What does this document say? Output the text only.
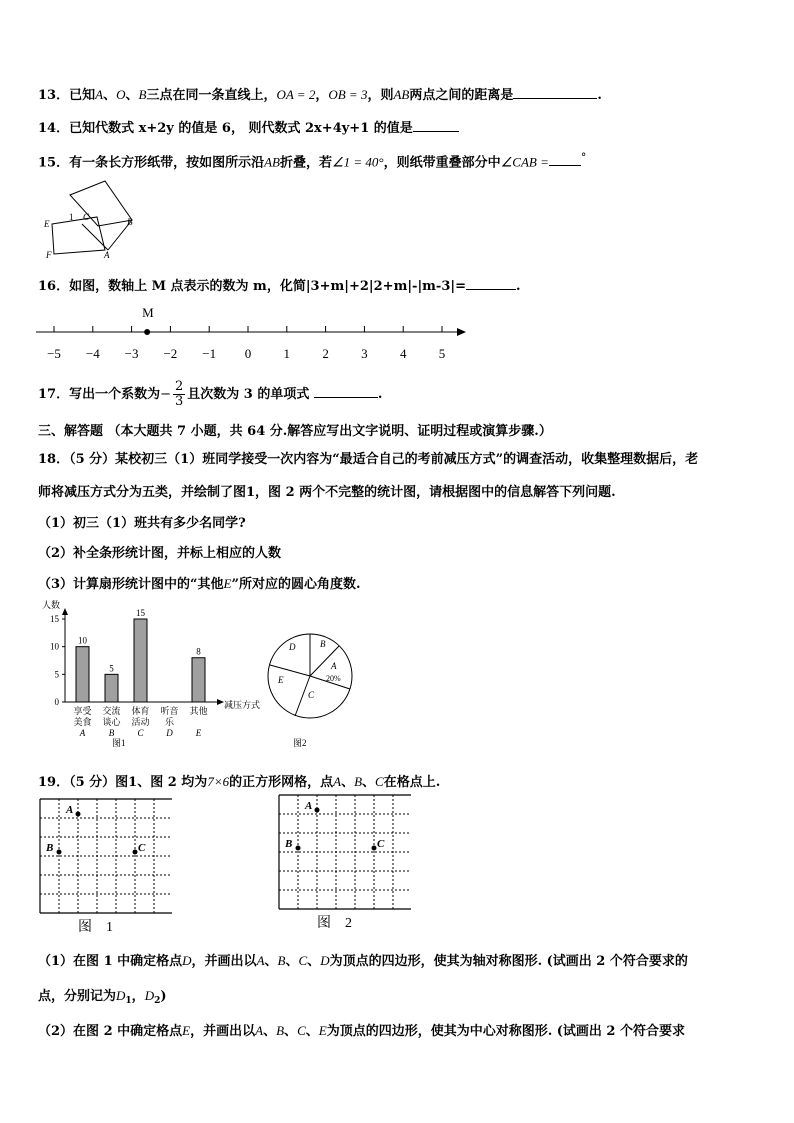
13．已知A、O、B三点在同一条直线上，OA = 2，OB = 3，则AB两点之间的距离是	.
14．已知代数式 x+2y 的值是 6， 则代数式 2x+4y+1 的值是
15．有一条长方形纸带，按如图所示沿AB折叠，若∠1 = 40°，则纸带重叠部分中∠CAB =	°
E
1 C	B
F	A
16．如图，数轴上 M 点表示的数为 m，化简|3+m|+2|2+m|-|m-3|=	.
−5 −4 −3 −2 −1 0 1 2 3 4 5
M
17．写出一个系数为− $\frac{2}{3}$ 且次数为 3 的单项式	.
三、解答题 （本大题共 7 小题，共 64 分.解答应写出文字说明、证明过程或演算步骤.）
18．（5 分）某校初三（1）班同学接受一次内容为“最适合自己的考前减压方式”的调查活动，收集整理数据后，老
师将减压方式分为五类，并绘制了图1，图 2 两个不完整的统计图，请根据图中的信息解答下列问题.
（1）初三（1）班共有多少名同学?
（2）补全条形统计图，并标上相应的人数
（3）计算扇形统计图中的“其他E”所对应的圆心角度数.
人数
减压方式
0
5
10
15
10
5
15
8
享受
美食
A
交流
谈心
B
体育
活动
C
听音
乐
D
其他
E
图1
B
A
C
E
D
20%
图2
19．（5 分）图1、图 2 均为7×6的正方形网格，点A、B、C在格点上.
A
B	C
图　1
A
B	C
图　2
（1）在图 1 中确定格点D，并画出以A、B、C、D为顶点的四边形，使其为轴对称图形. (试画出 2 个符合要求的
点，分别记为$D_1$，$D_2$)
（2）在图 2 中确定格点E，并画出以A、B、C、E为顶点的四边形，使其为中心对称图形. (试画出 2 个符合要求
